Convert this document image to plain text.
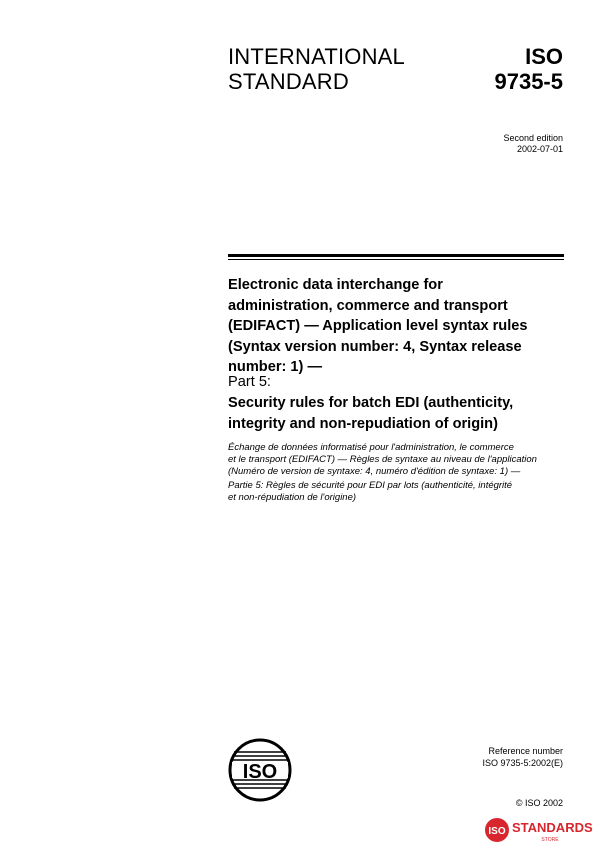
INTERNATIONAL
STANDARD
ISO
9735-5
Second edition
2002-07-01
Electronic data interchange for
administration, commerce and transport
(EDIFACT) — Application level syntax rules
(Syntax version number: 4, Syntax release
number: 1) —
Part 5:
Security rules for batch EDI (authenticity,
integrity and non-repudiation of origin)
Échange de données informatisé pour l'administration, le commerce
et le transport (EDIFACT) — Règles de syntaxe au niveau de l'application
(Numéro de version de syntaxe: 4, numéro d'édition de syntaxe: 1) —
Partie 5: Règles de sécurité pour EDI par lots (authenticité, intégrité
et non-répudiation de l'origine)
ISO
Reference number
ISO 9735-5:2002(E)
© ISO 2002
ISO STANDARDS
STORE
